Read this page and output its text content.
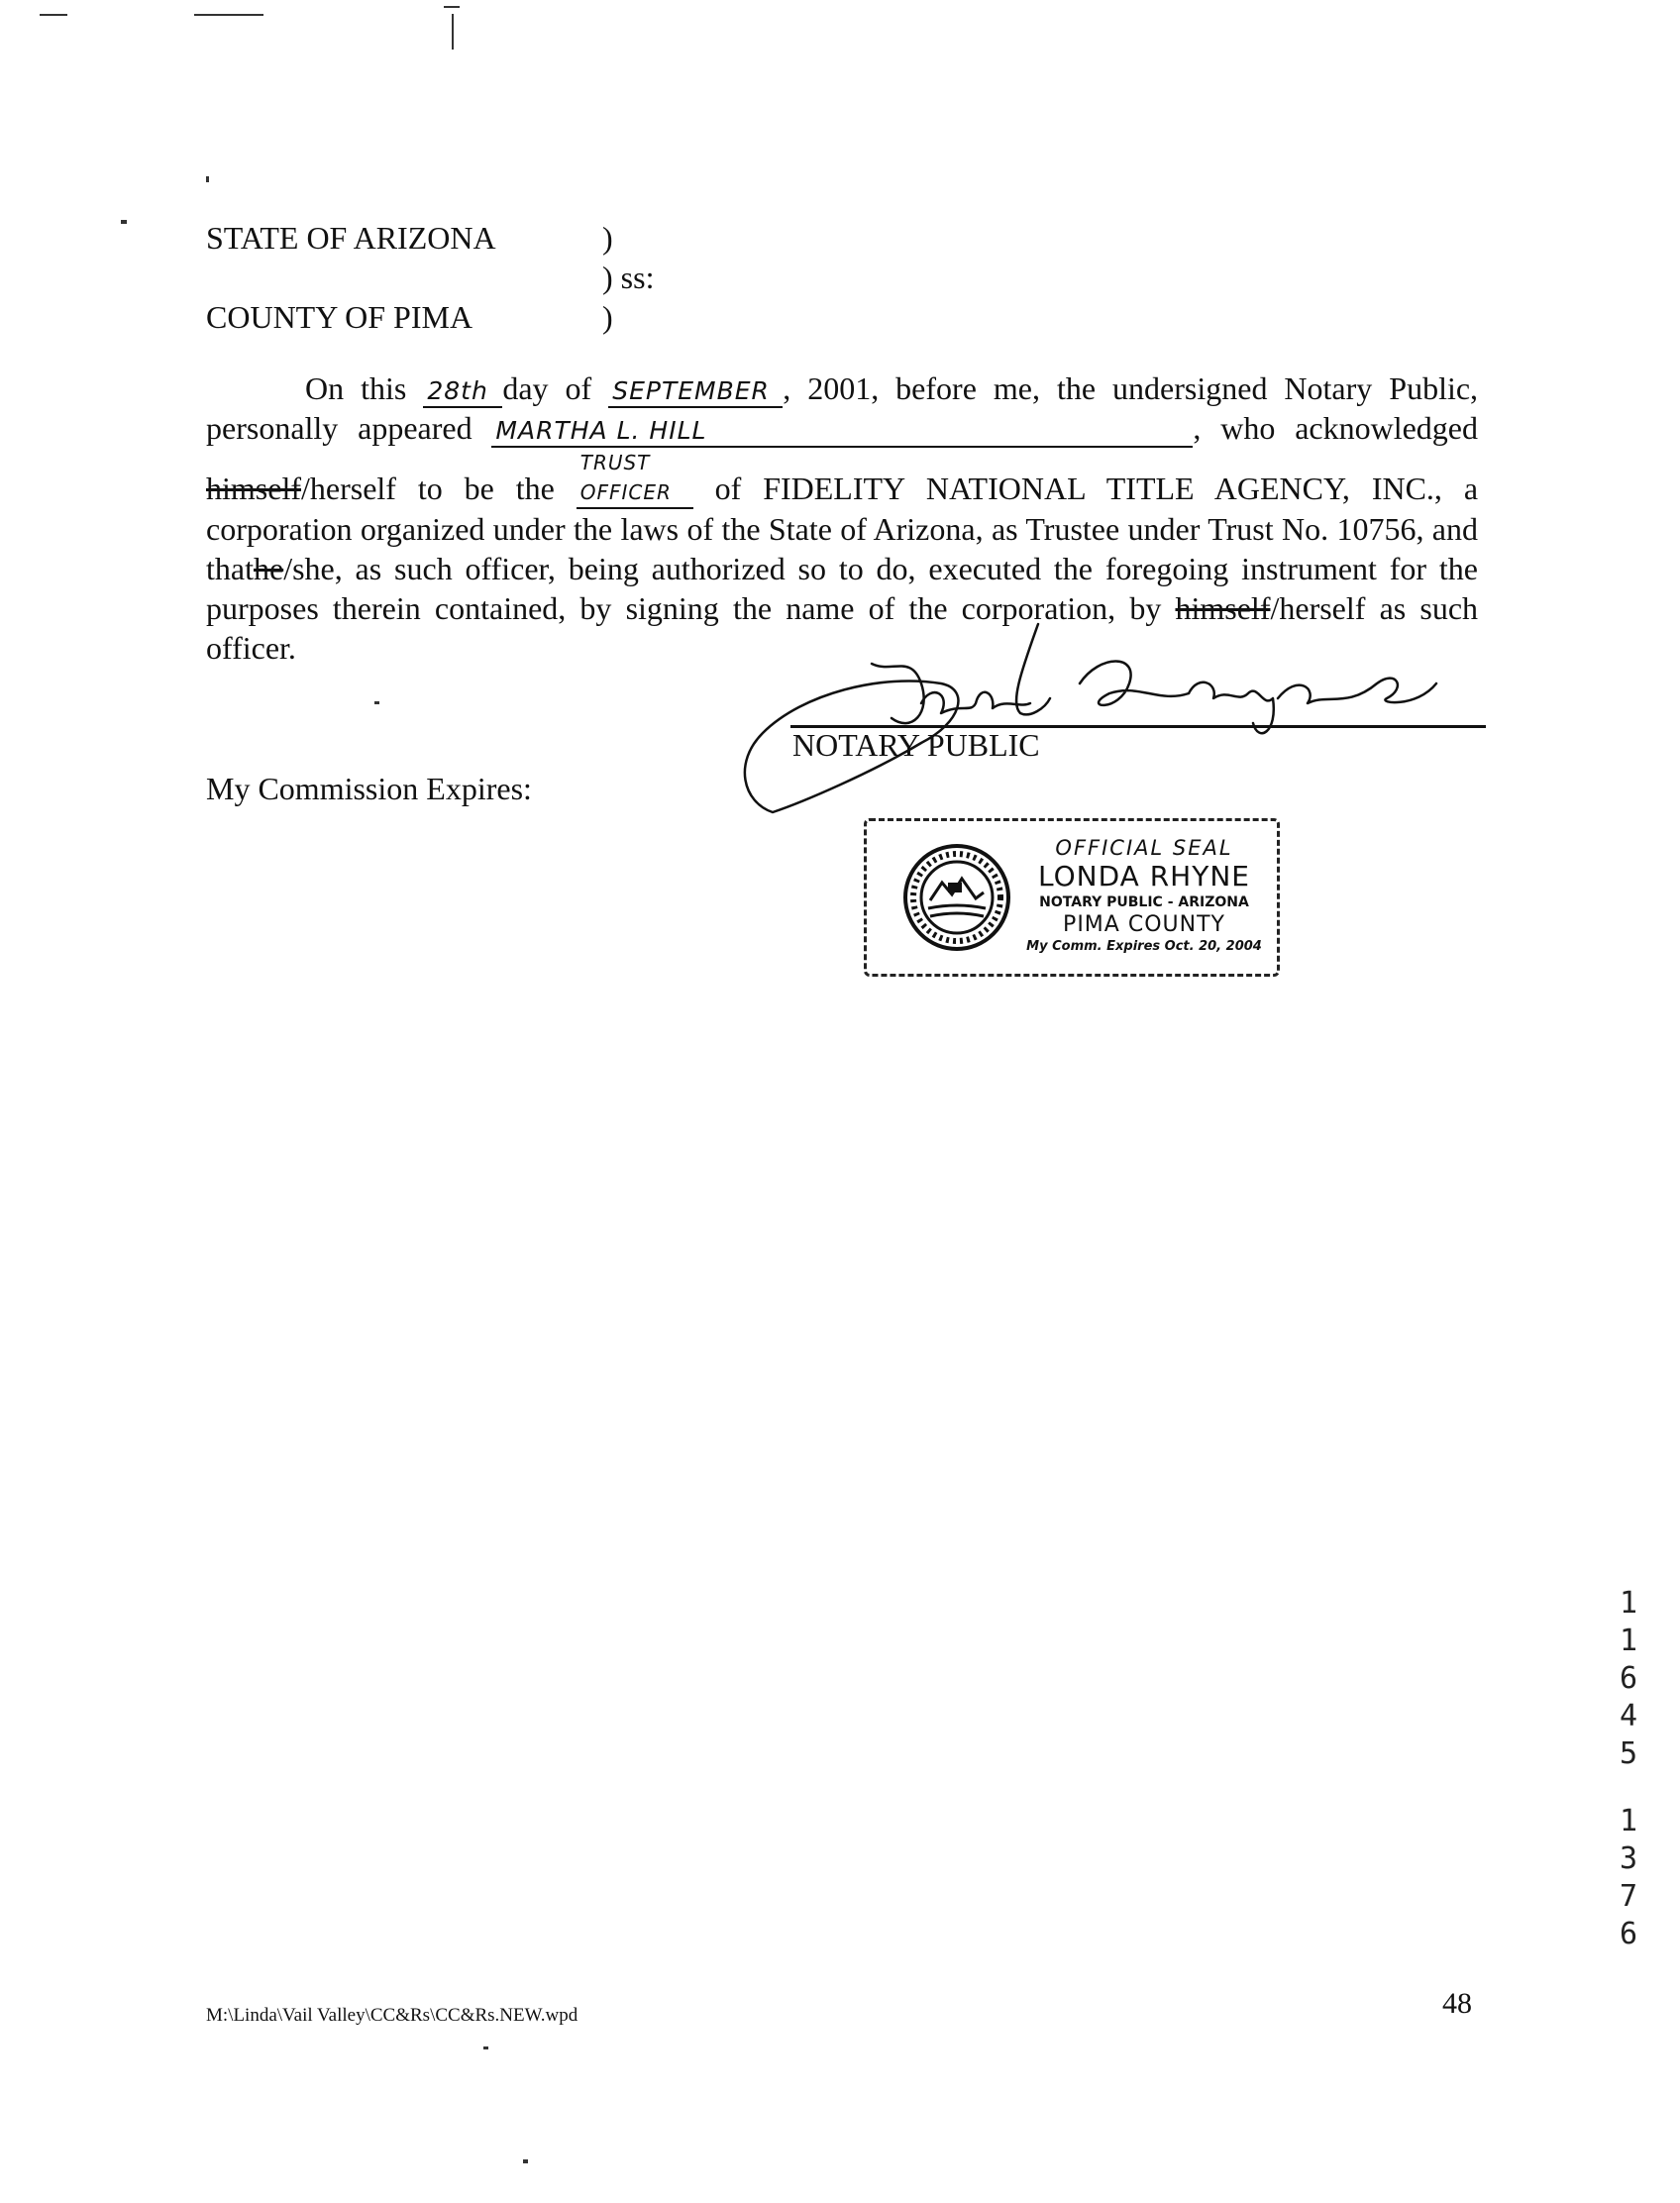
STATE OF ARIZONA	)
) ss:
COUNTY OF PIMA	)
On this 28th day of SEPTEMBER , 2001, before me, the undersigned Notary Public, personally appeared MARTHA L. HILL	, who acknowledged himself/herself to be the TRUST OFFICER of FIDELITY NATIONAL TITLE AGENCY, INC., a corporation organized under the laws of the State of Arizona, as Trustee under Trust No. 10756, and thathe/she, as such officer, being authorized so to do, executed the foregoing instrument for the purposes therein contained, by signing the name of the corporation, by himself/herself as such officer.
NOTARY PUBLIC
My Commission Expires:
OFFICIAL SEAL
LONDA RHYNE
NOTARY PUBLIC - ARIZONA
PIMA COUNTY
My Comm. Expires Oct. 20, 2004
1
1
6
4
5
1
3
7
6
M:\Linda\Vail Valley\CC&Rs\CC&Rs.NEW.wpd	48
